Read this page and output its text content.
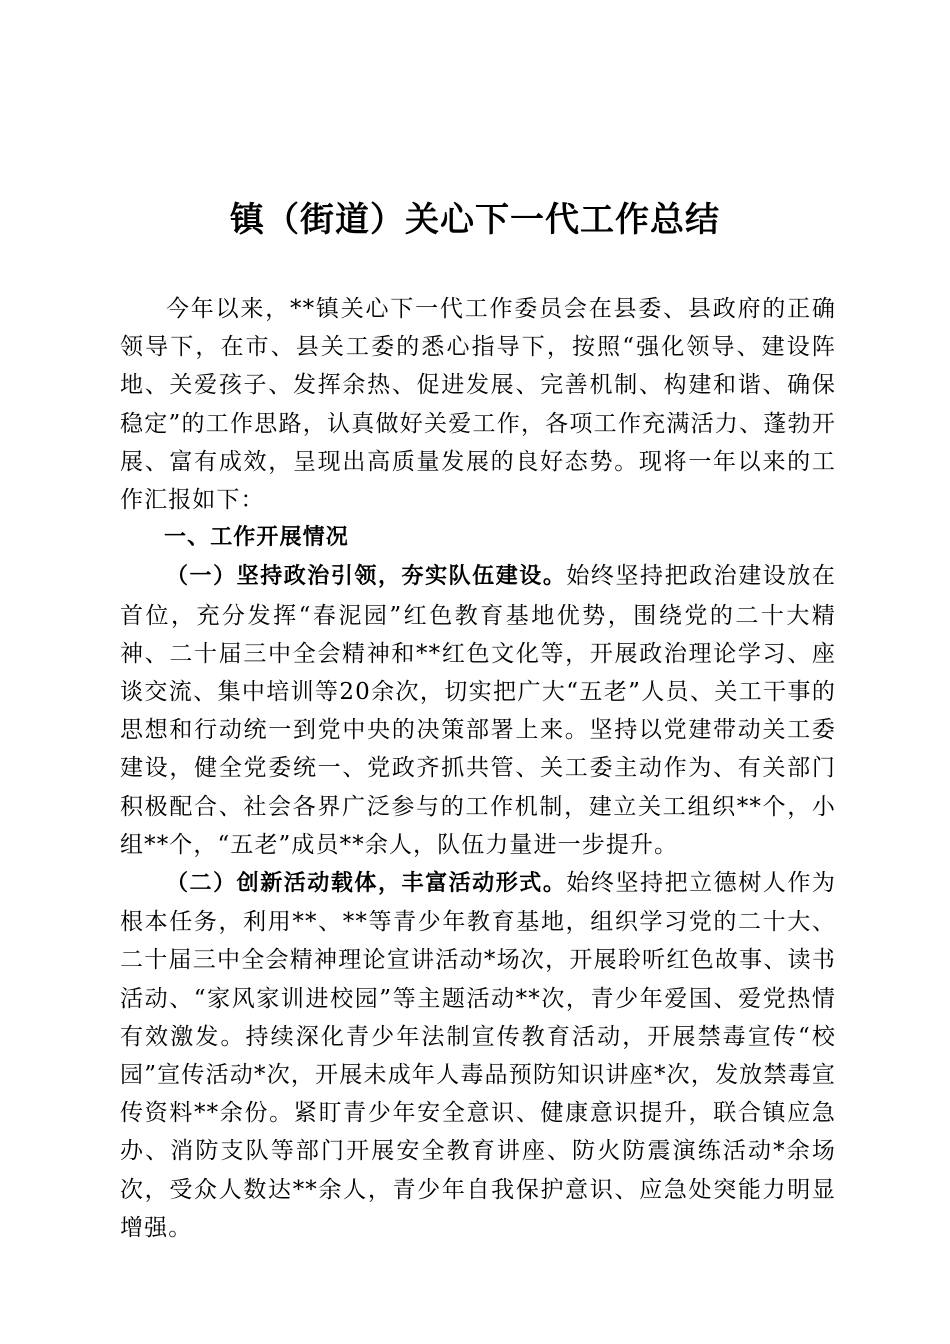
镇（街道）关心下一代工作总结

今年以来，**镇关心下一代工作委员会在县委、县政府的正确领导下，在市、县关工委的悉心指导下，按照“强化领导、建设阵地、关爱孩子、发挥余热、促进发展、完善机制、构建和谐、确保稳定”的工作思路，认真做好关爱工作，各项工作充满活力、蓬勃开展、富有成效，呈现出高质量发展的良好态势。现将一年以来的工作汇报如下：

一、工作开展情况

（一）坚持政治引领，夯实队伍建设。始终坚持把政治建设放在首位，充分发挥“春泥园”红色教育基地优势，围绕党的二十大精神、二十届三中全会精神和**红色文化等，开展政治理论学习、座谈交流、集中培训等20余次，切实把广大“五老”人员、关工干事的思想和行动统一到党中央的决策部署上来。坚持以党建带动关工委建设，健全党委统一、党政齐抓共管、关工委主动作为、有关部门积极配合、社会各界广泛参与的工作机制，建立关工组织**个，小组**个，“五老”成员**余人，队伍力量进一步提升。

（二）创新活动载体，丰富活动形式。始终坚持把立德树人作为根本任务，利用**、**等青少年教育基地，组织学习党的二十大、二十届三中全会精神理论宣讲活动*场次，开展聆听红色故事、读书活动、“家风家训进校园”等主题活动**次，青少年爱国、爱党热情有效激发。持续深化青少年法制宣传教育活动，开展禁毒宣传“校园”宣传活动*次，开展未成年人毒品预防知识讲座*次，发放禁毒宣传资料**余份。紧盯青少年安全意识、健康意识提升，联合镇应急办、消防支队等部门开展安全教育讲座、防火防震演练活动*余场次，受众人数达**余人，青少年自我保护意识、应急处突能力明显增强。
